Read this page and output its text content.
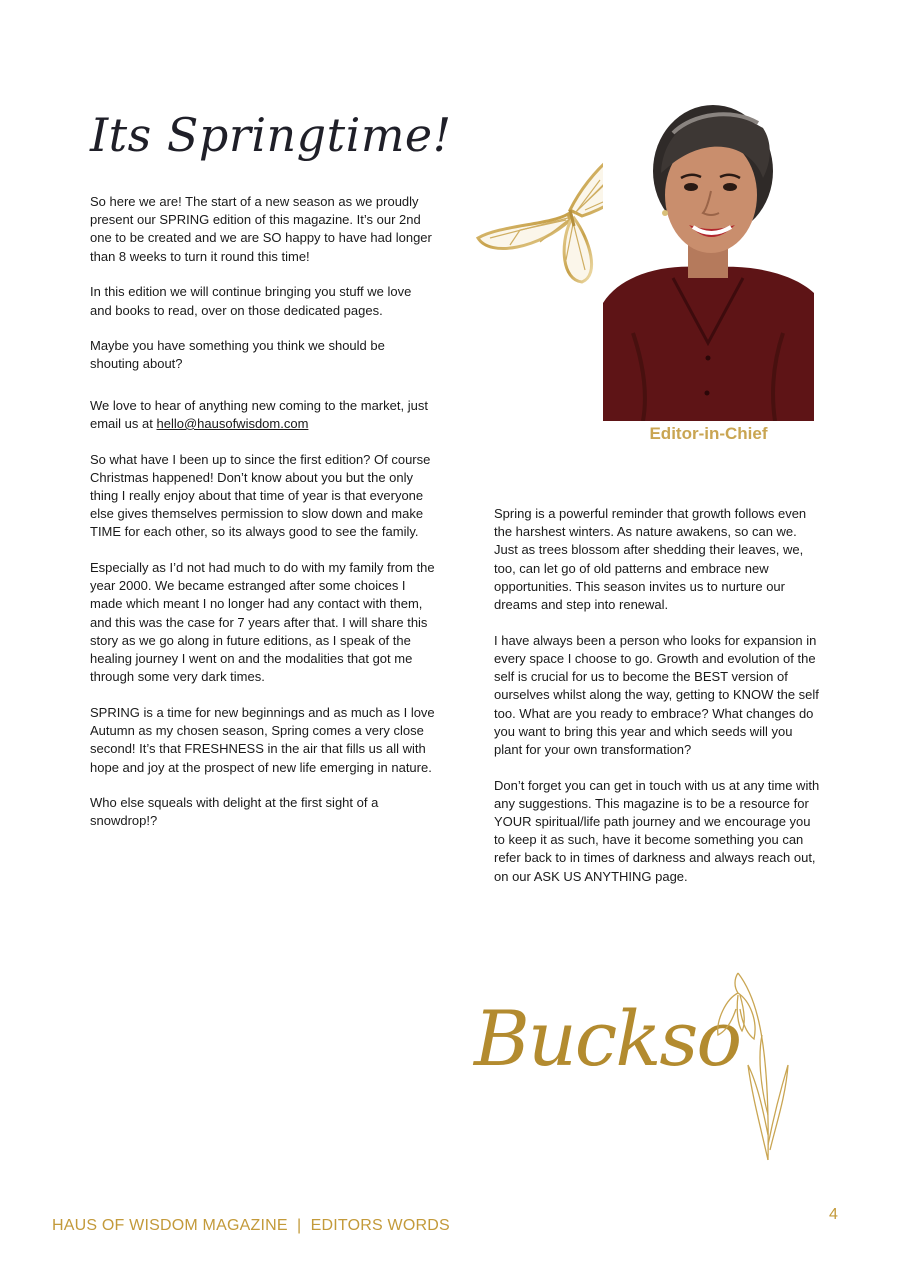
Its Springtime!
Editor-in-Chief

So here we are! The start of a new season as we proudly present our SPRING edition of this magazine. It’s our 2nd one to be created and we are SO happy to have had longer than 8 weeks to turn it round this time!

In this edition we will continue bringing you stuff we love and books to read, over on those dedicated pages.

Maybe you have something you think we should be shouting about?

We love to hear of anything new coming to the market, just email us at hello@hausofwisdom.com

So what have I been up to since the first edition? Of course Christmas happened! Don’t know about you but the only thing I really enjoy about that time of year is that everyone else gives themselves permission to slow down and make TIME for each other, so its always good to see the family.

Especially as I’d not had much to do with my family from the year 2000. We became estranged after some choices I made which meant I no longer had any contact with them, and this was the case for 7 years after that. I will share this story as we go along in future editions, as I speak of the healing journey I went on and the modalities that got me through some very dark times.

SPRING is a time for new beginnings and as much as I love Autumn as my chosen season, Spring comes a very close second! It’s that FRESHNESS in the air that fills us all with hope and joy at the prospect of new life emerging in nature.

Who else squeals with delight at the first sight of a snowdrop!?

Spring is a powerful reminder that growth follows even the harshest winters. As nature awakens, so can we. Just as trees blossom after shedding their leaves, we, too, can let go of old patterns and embrace new opportunities. This season invites us to nurture our dreams and step into renewal.

I have always been a person who looks for expansion in every space I choose to go. Growth and evolution of the self is crucial for us to become the BEST version of ourselves whilst along the way, getting to KNOW the self too. What are you ready to embrace? What changes do you want to bring this year and which seeds will you plant for your own transformation?

Don’t forget you can get in touch with us at any time with any suggestions. This magazine is to be a resource for YOUR spiritual/life path journey and we encourage you to keep it as such, have it become something you can refer back to in times of darkness and always reach out, on our ASK US ANYTHING page.

Buckso
HAUS OF WISDOM MAGAZINE  |  EDITORS WORDS
4
